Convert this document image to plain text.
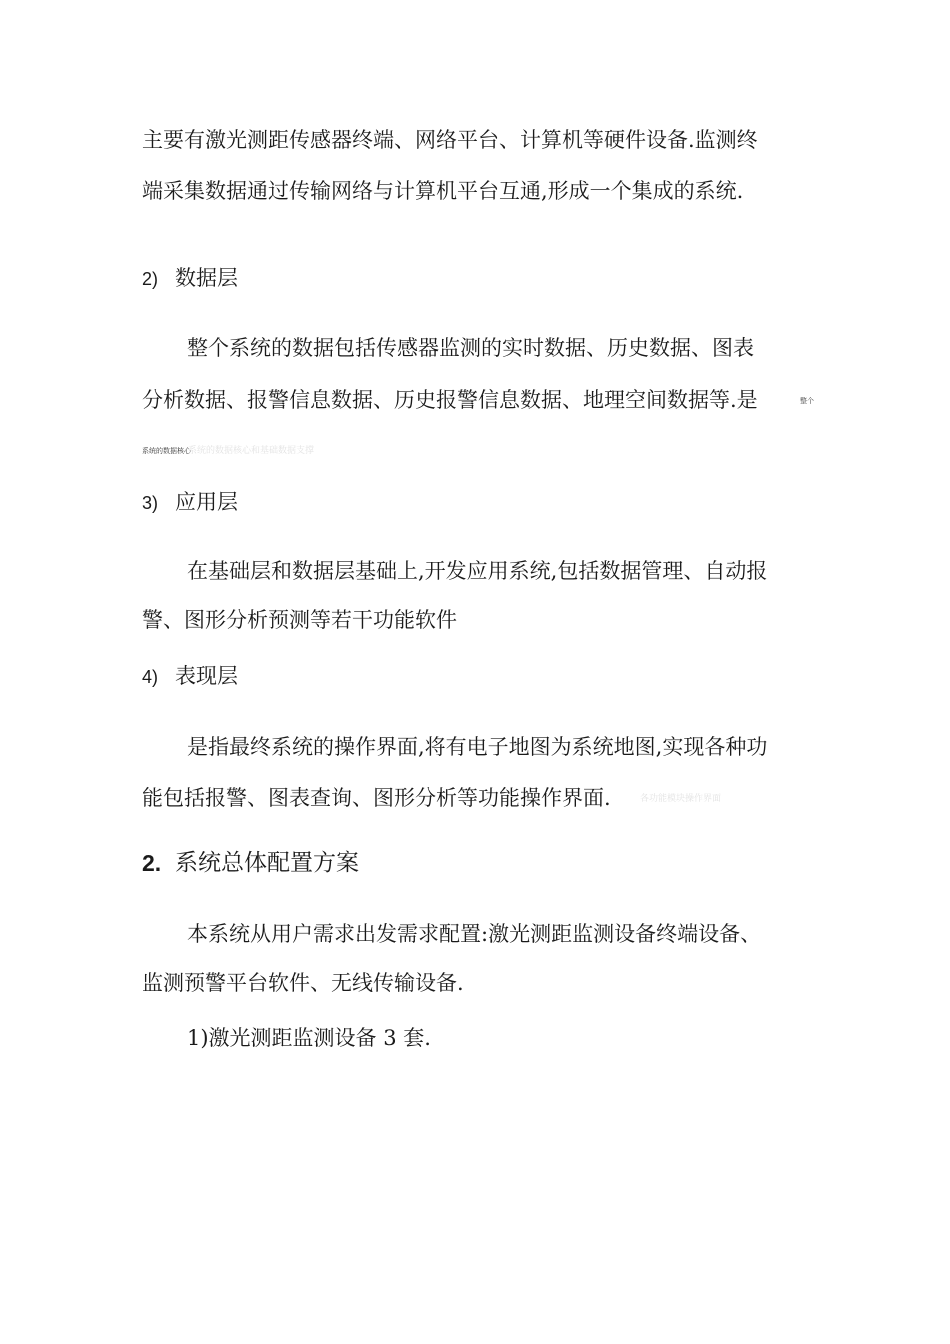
主要有激光测距传感器终端、网络平台、计算机等硬件设备.监测终
端采集数据通过传输网络与计算机平台互通,形成一个集成的系统.
2) 数据层
整个系统的数据包括传感器监测的实时数据、历史数据、图表
分析数据、报警信息数据、历史报警信息数据、地理空间数据等.是	整个
系统的数据核心
系统的数据核心和基础数据支撑
3) 应用层
在基础层和数据层基础上,开发应用系统,包括数据管理、自动报
警、图形分析预测等若干功能软件
4) 表现层
是指最终系统的操作界面,将有电子地图为系统地图,实现各种功
能包括报警、图表查询、图形分析等功能操作界面.	各功能模块操作界面
2. 系统总体配置方案
本系统从用户需求出发需求配置:激光测距监测设备终端设备、
监测预警平台软件、无线传输设备.
1)激光测距监测设备 3 套.
